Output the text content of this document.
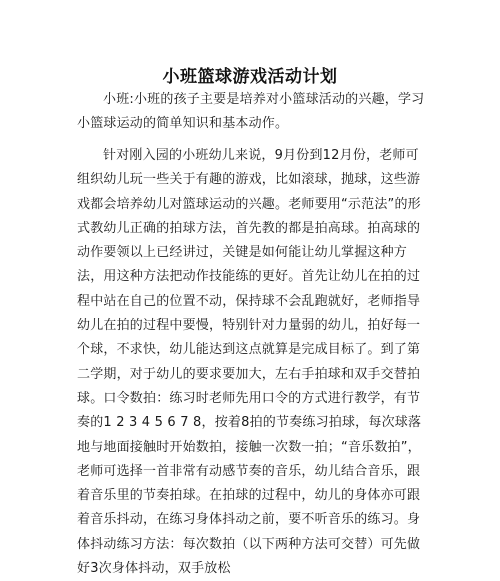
小班篮球游戏活动计划

小班:小班的孩子主要是培养对小篮球活动的兴趣，学习小篮球运动的简单知识和基本动作。

针对刚入园的小班幼儿来说，9月份到12月份，老师可组织幼儿玩一些关于有趣的游戏，比如滚球，抛球，这些游戏都会培养幼儿对篮球运动的兴趣。老师要用“示范法”的形式教幼儿正确的拍球方法，首先教的都是拍高球。拍高球的动作要领以上已经讲过，关键是如何能让幼儿掌握这种方法，用这种方法把动作技能练的更好。首先让幼儿在拍的过程中站在自己的位置不动，保持球不会乱跑就好，老师指导幼儿在拍的过程中要慢，特别针对力量弱的幼儿，拍好每一个球，不求快，幼儿能达到这点就算是完成目标了。到了第二学期，对于幼儿的要求要加大，左右手拍球和双手交替拍球。口令数拍：练习时老师先用口令的方式进行教学，有节奏的1 2 3 4 5 6 7 8，按着8拍的节奏练习拍球，每次球落地与地面接触时开始数拍，接触一次数一拍；“音乐数拍”，老师可选择一首非常有动感节奏的音乐，幼儿结合音乐，跟着音乐里的节奏拍球。在拍球的过程中，幼儿的身体亦可跟着音乐抖动，在练习身体抖动之前，要不听音乐的练习。身体抖动练习方法：每次数拍（以下两种方法可交替）可先做好3次身体抖动，双手放松
